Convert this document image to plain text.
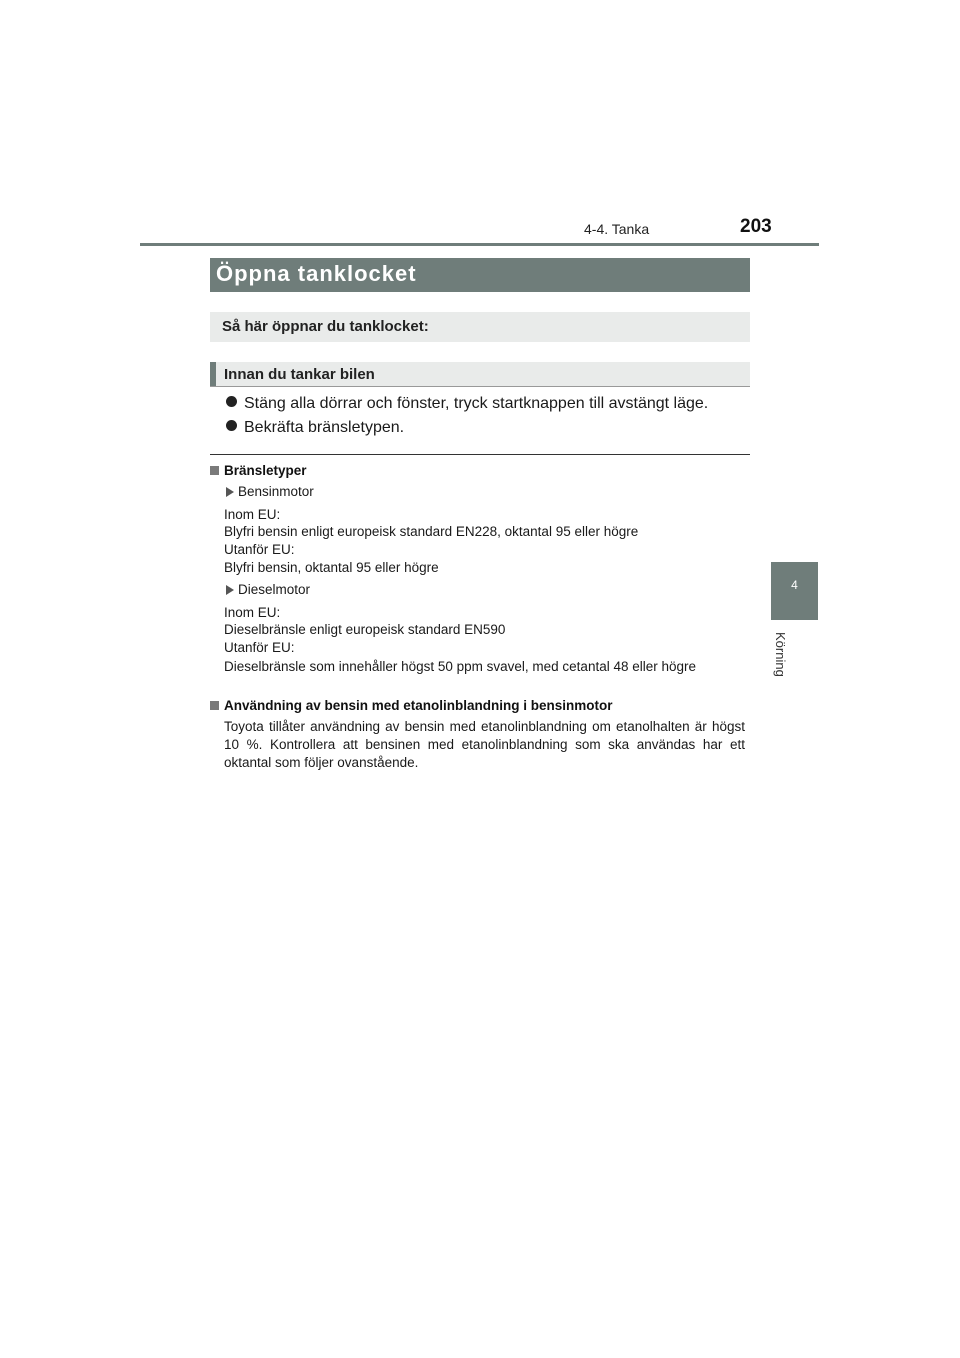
4-4. Tanka	203
4
Körning
Öppna tanklocket
Så här öppnar du tanklocket:
Innan du tankar bilen
Stäng alla dörrar och fönster, tryck startknappen till avstängt läge.
Bekräfta bränsletypen.
Bränsletyper
Bensinmotor
Inom EU:
Blyfri bensin enligt europeisk standard EN228, oktantal 95 eller högre
Utanför EU:
Blyfri bensin, oktantal 95 eller högre
Dieselmotor
Inom EU:
Dieselbränsle enligt europeisk standard EN590
Utanför EU:
Dieselbränsle som innehåller högst 50 ppm svavel, med cetantal 48 eller högre
Användning av bensin med etanolinblandning i bensinmotor
Toyota tillåter användning av bensin med etanolinblandning om etanolhalten är högst 10 %. Kontrollera att bensinen med etanolinblandning som ska användas har ett oktantal som följer ovanstående.
